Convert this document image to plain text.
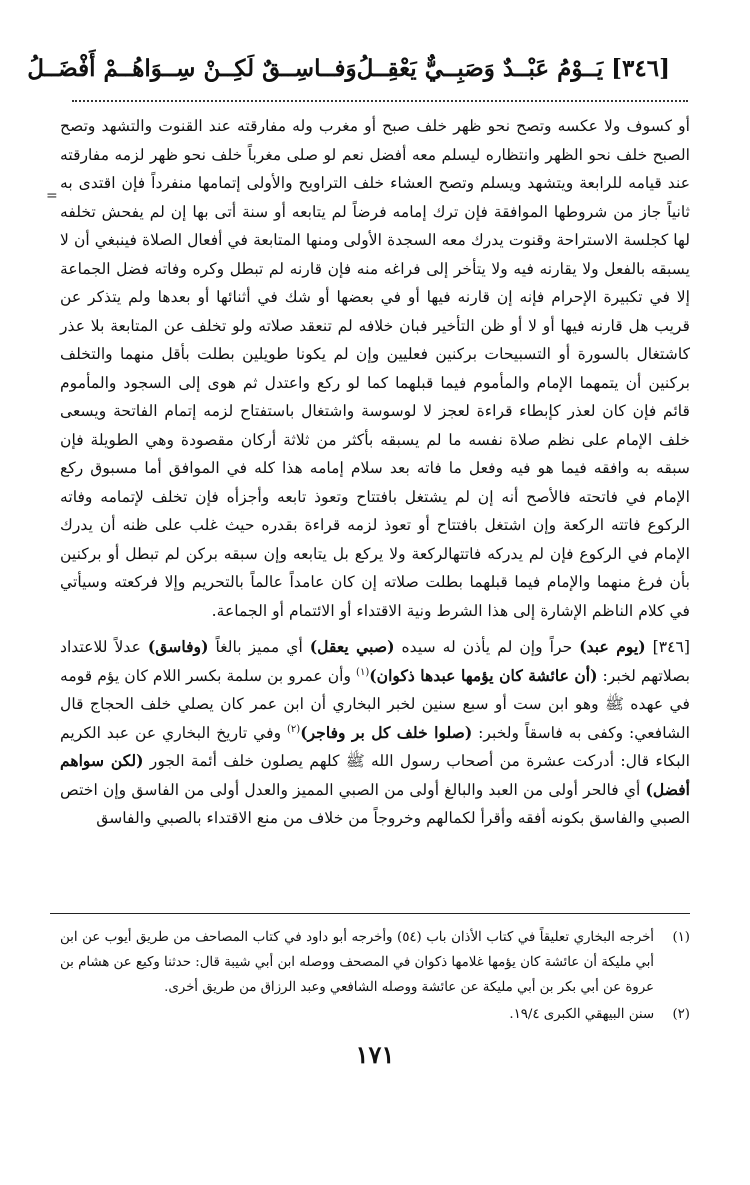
[٣٤٦] يَــوْمُ عَبْــدٌ وَصَبِــيٌّ يَعْقِــلُ
وَفــاسِــقٌ لَكِــنْ سِــوَاهُــمْ أَفْضَــلُ

أو كسوف ولا عكسه وتصح نحو ظهر خلف صبح أو مغرب وله مفارقته عند القنوت والتشهد وتصح الصبح خلف نحو الظهر وانتظاره ليسلم معه أفضل نعم لو صلى مغرباً خلف نحو ظهر لزمه مفارقته عند قيامه للرابعة ويتشهد ويسلم وتصح العشاء خلف التراويح والأولى إتمامها منفرداً فإن اقتدى به ثانياً جاز من شروطها الموافقة فإن ترك إمامه فرضاً لم يتابعه أو سنة أتى بها إن لم يفحش تخلفه لها كجلسة الاستراحة وقنوت يدرك معه السجدة الأولى ومنها المتابعة في أفعال الصلاة فينبغي أن لا يسبقه بالفعل ولا يقارنه فيه ولا يتأخر إلى فراغه منه فإن قارنه لم تبطل وكره وفاته فضل الجماعة إلا في تكبيرة الإحرام فإنه إن قارنه فيها أو في بعضها أو شك في أثنائها أو بعدها ولم يتذكر عن قريب هل قارنه فيها أو لا أو ظن التأخير فبان خلافه لم تنعقد صلاته ولو تخلف عن المتابعة بلا عذر كاشتغال بالسورة أو التسبيحات بركنين فعليين وإن لم يكونا طويلين بطلت بأقل منهما والتخلف بركنين أن يتمهما الإمام والمأموم فيما قبلهما كما لو ركع واعتدل ثم هوى إلى السجود والمأموم قائم فإن كان لعذر كإبطاء قراءة لعجز لا لوسوسة واشتغال باستفتاح لزمه إتمام الفاتحة ويسعى خلف الإمام على نظم صلاة نفسه ما لم يسبقه بأكثر من ثلاثة أركان مقصودة وهي الطويلة فإن سبقه به وافقه فيما هو فيه وفعل ما فاته بعد سلام إمامه هذا كله في الموافق أما مسبوق ركع الإمام في فاتحته فالأصح أنه إن لم يشتغل بافتتاح وتعوذ تابعه وأجزأه فإن تخلف لإتمامه وفاته الركوع فاتته الركعة وإن اشتغل بافتتاح أو تعوذ لزمه قراءة بقدره حيث غلب على ظنه أن يدرك الإمام في الركوع فإن لم يدركه فاتتهالركعة ولا يركع بل يتابعه وإن سبقه بركن لم تبطل أو بركنين بأن فرغ منهما والإمام فيما قبلهما بطلت صلاته إن كان عامداً عالماً بالتحريم وإلا فركعته وسيأتي في كلام الناظم الإشارة إلى هذا الشرط ونية الاقتداء أو الائتمام أو الجماعة.

[٣٤٦] (يوم عبد) حراً وإن لم يأذن له سيده (صبي يعقل) أي مميز بالغاً (وفاسق) عدلاً للاعتداد بصلاتهم لخبر: (أن عائشة كان يؤمها عبدها ذكوان)$^{(١)}$ وأن عمرو بن سلمة بكسر اللام كان يؤم قومه في عهده ﷺ وهو ابن ست أو سبع سنين لخبر البخاري أن ابن عمر كان يصلي خلف الحجاج قال الشافعي: وكفى به فاسقاً ولخبر: (صلوا خلف كل بر وفاجر)$^{(٢)}$ وفي تاريخ البخاري عن عبد الكريم البكاء قال: أدركت عشرة من أصحاب رسول الله ﷺ كلهم يصلون خلف أئمة الجور (لكن سواهم أفضل) أي فالحر أولى من العبد والبالغ أولى من الصبي المميز والعدل أولى من الفاسق وإن اختص الصبي والفاسق بكونه أفقه وأقرأ لكمالهم وخروجاً من خلاف من منع الاقتداء بالصبي والفاسق

=
(١)
أخرجه البخاري تعليقاً في كتاب الأذان باب (٥٤) وأخرجه أبو داود في كتاب المصاحف من طريق أيوب عن ابن أبي مليكة أن عائشة كان يؤمها غلامها ذكوان في المصحف ووصله ابن أبي شيبة قال: حدثنا وكيع عن هشام بن عروة عن أبي بكر بن أبي مليكة عن عائشة ووصله الشافعي وعبد الرزاق من طريق أخرى.
(٢)
سنن البيهقي الكبرى ١٩/٤.
١٧١
